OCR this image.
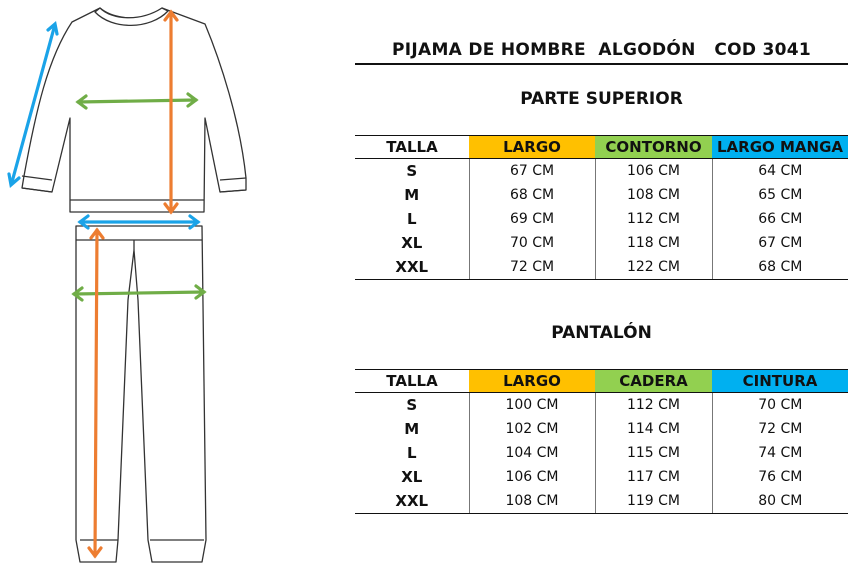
PIJAMA DE HOMBRE  ALGODÓN   COD 3041
PARTE SUPERIOR
TALLA	LARGO	CONTORNO	LARGO MANGA
S	67 CM	106 CM	64 CM
M	68 CM	108 CM	65 CM
L	69 CM	112 CM	66 CM
XL	70 CM	118 CM	67 CM
XXL	72 CM	122 CM	68 CM
PANTALÓN
TALLA	LARGO	CADERA	CINTURA
S	100 CM	112 CM	70 CM
M	102 CM	114 CM	72 CM
L	104 CM	115 CM	74 CM
XL	106 CM	117 CM	76 CM
XXL	108 CM	119 CM	80 CM
